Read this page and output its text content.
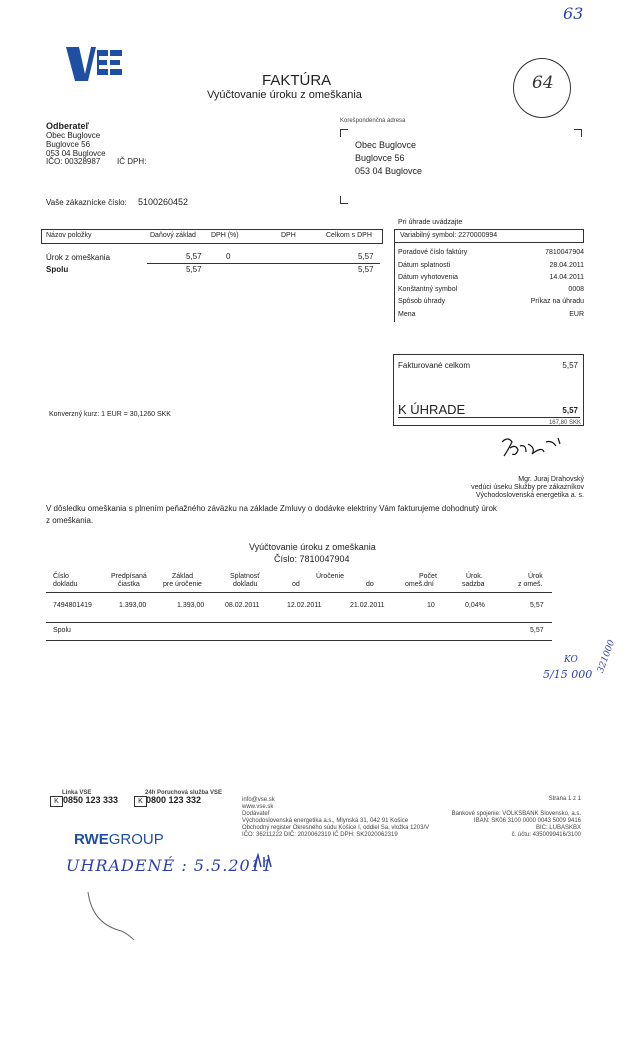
63
64
FAKTÚRA
Vyúčtovanie úroku z omeškania
Odberateľ
Obec Buglovce
Buglovce 56
053 04 Buglovce
IČO: 00328987 IČ DPH:
Korešpondenčná adresa
Obec Buglovce
Buglovce 56
053 04 Buglovce
Vaše zákaznícke číslo: 5100260452
Názov položky	Daňový základ DPH (%)	DPH	Celkom s DPH
Úrok z omeškania	5,57	0	5,57
Spolu	5,57	5,57
Pri úhrade uvádzajte
Variabilný symbol: 2270000994
Poradové číslo faktúry	7810047904
Dátum splatnosti	28.04.2011
Dátum vyhotovenia	14.04.2011
Konštantný symbol	0008
Spôsob úhrady	Príkaz na úhradu
Mena	EUR
Fakturované celkom	5,57
K ÚHRADE	5,57
167,80 SKK
Konverzný kurz: 1 EUR = 30,1260 SKK
Mgr. Juraj Drahovský
vedúci úseku Služby pre zákazníkov
Východoslovenská energetika a. s.
V dôsledku omeškania s plnením peňažného záväzku na základe Zmluvy o dodávke elektriny Vám fakturujeme dohodnutý úrok
z omeškania.
Vyúčtovanie úroku z omeškania
Číslo: 7810047904
Číslo
dokladu
Predpísaná
čiastka
Základ
pre úročenie
Splatnosť
dokladu
Úročenie
od	do
Počet
omeš.dní
Úrok.
sadzba
Úrok
z omeš.
7494801419	1.393,00	1.393,00	08.02.2011	12.02.2011	21.02.2011	10	0,04%	5,57
Spolu	5,57
KO
5/15 000
321000
Linka VSE
K 0850 123 333
24h Poruchová služba VSE
K 0800 123 332	info@vse.sk
www.vse.sk
Dodávateľ
Východoslovenská energetika a.s., Mlynská 31, 042 91 Košice
Obchodný register Okresného súdu Košice I, oddiel Sa, vložka 1203/V
IČO: 36211222 DIČ: 2020062319 IČ DPH: SK2020062319
Strana 1 z 1
Bankové spojenie: VOLKSBANK Slovensko, a.s.
IBAN: SK06 3100 0000 0043 5009 9416
BIC: LUBASKBX
č. účtu: 4350099416/3100
RWEGROUP
UHRADENÉ : 5.5.2011
